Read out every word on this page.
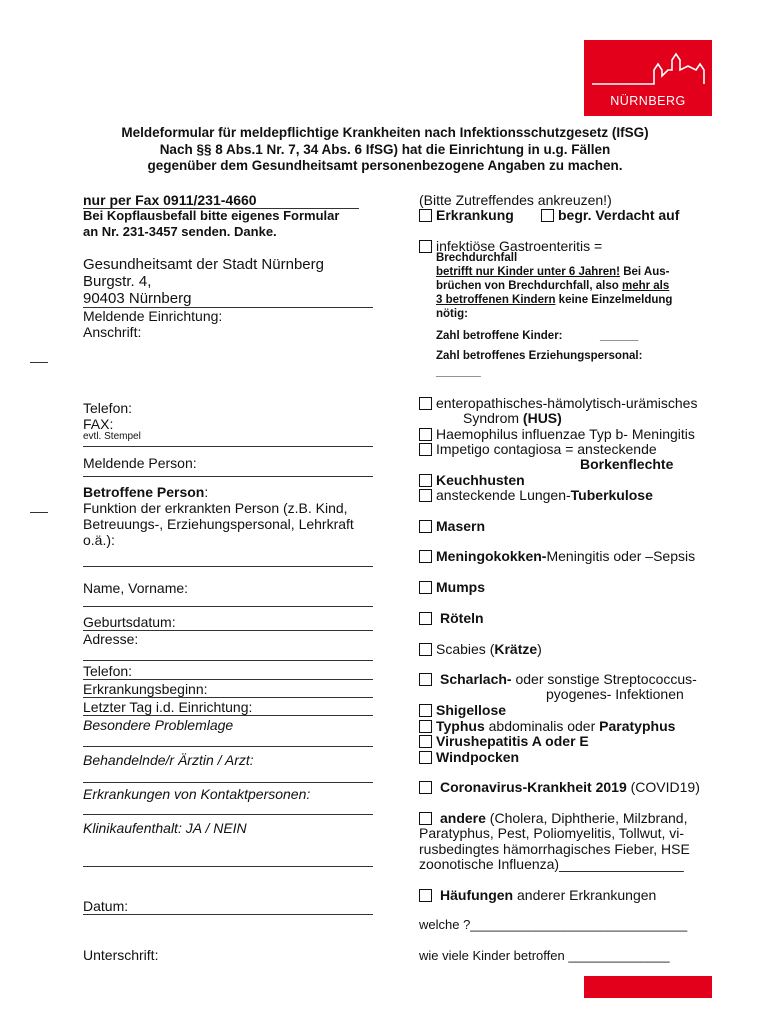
NÜRNBERG
Meldeformular für meldepflichtige Krankheiten nach Infektionsschutzgesetz (IfSG)
Nach §§ 8 Abs.1 Nr. 7, 34 Abs. 6 IfSG) hat die Einrichtung in u.g. Fällen
gegenüber dem Gesundheitsamt personenbezogene Angaben zu machen.
nur per Fax 0911/231-4660
Bei Kopflausbefall bitte eigenes Formular
an Nr. 231-3457 senden. Danke.
Gesundheitsamt der Stadt Nürnberg
Burgstr. 4,
90403 Nürnberg
Meldende Einrichtung:
Anschrift:
Telefon:
FAX:
evtl. Stempel
Meldende Person:
Betroffene Person:
Funktion der erkrankten Person (z.B. Kind,
Betreuungs-, Erziehungspersonal, Lehrkraft
o.ä.):
Name, Vorname:
Geburtsdatum:
Adresse:
Telefon:
Erkrankungsbeginn:
Letzter Tag i.d. Einrichtung:
Besondere Problemlage
Behandelnde/r Ärztin / Arzt:
Erkrankungen von Kontaktpersonen:
Klinikaufenthalt: JA / NEIN
Datum:
Unterschrift:
(Bitte Zutreffendes ankreuzen!)
Erkrankung	begr. Verdacht auf
infektiöse Gastroenteritis =
Brechdurchfall
betrifft nur Kinder unter 6 Jahren! Bei Aus-
brüchen von Brechdurchfall, also mehr als
3 betroffenen Kindern keine Einzelmeldung
nötig:
Zahl betroffene Kinder:	______
Zahl betroffenes Erziehungspersonal:
_______
enteropathisches-hämolytisch-urämisches
Syndrom (HUS)
Haemophilus influenzae Typ b- Meningitis
Impetigo contagiosa = ansteckende
Borkenflechte
Keuchhusten
ansteckende Lungen-Tuberkulose
Masern
Meningokokken-Meningitis oder –Sepsis
Mumps
Röteln
Scabies (Krätze)
Scharlach- oder sonstige Streptococcus-
pyogenes- Infektionen
Shigellose
Typhus abdominalis oder Paratyphus
Virushepatitis A oder E
Windpocken
Coronavirus-Krankheit 2019 (COVID19)
andere (Cholera, Diphtherie, Milzbrand,
Paratyphus, Pest, Poliomyelitis, Tollwut, vi-
rusbedingtes hämorrhagisches Fieber, HSE
zoonotische Influenza)________________
Häufungen anderer Erkrankungen
welche ?______________________________
wie viele Kinder betroffen ______________
